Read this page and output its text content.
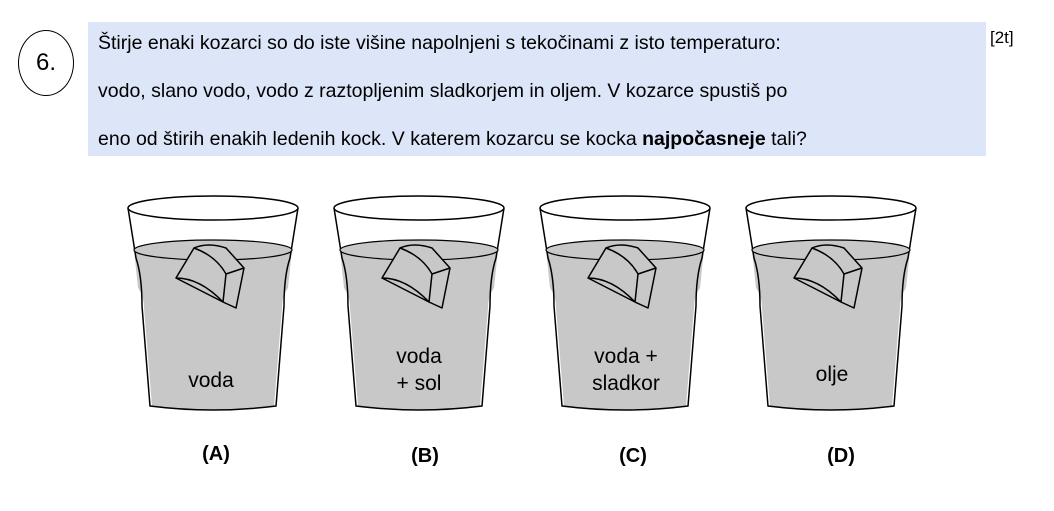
6.
Štirje enaki kozarci so do iste višine napolnjeni s tekočinami z isto temperaturo:
vodo, slano vodo, vodo z raztopljenim sladkorjem in oljem. V kozarce spustiš po
eno od štirih enakih ledenih kock. V katerem kozarcu se kocka najpočasneje tali?
[2t]
voda
voda
+ sol
voda +
sladkor	olje
(A)	(B)	(C)	(D)
